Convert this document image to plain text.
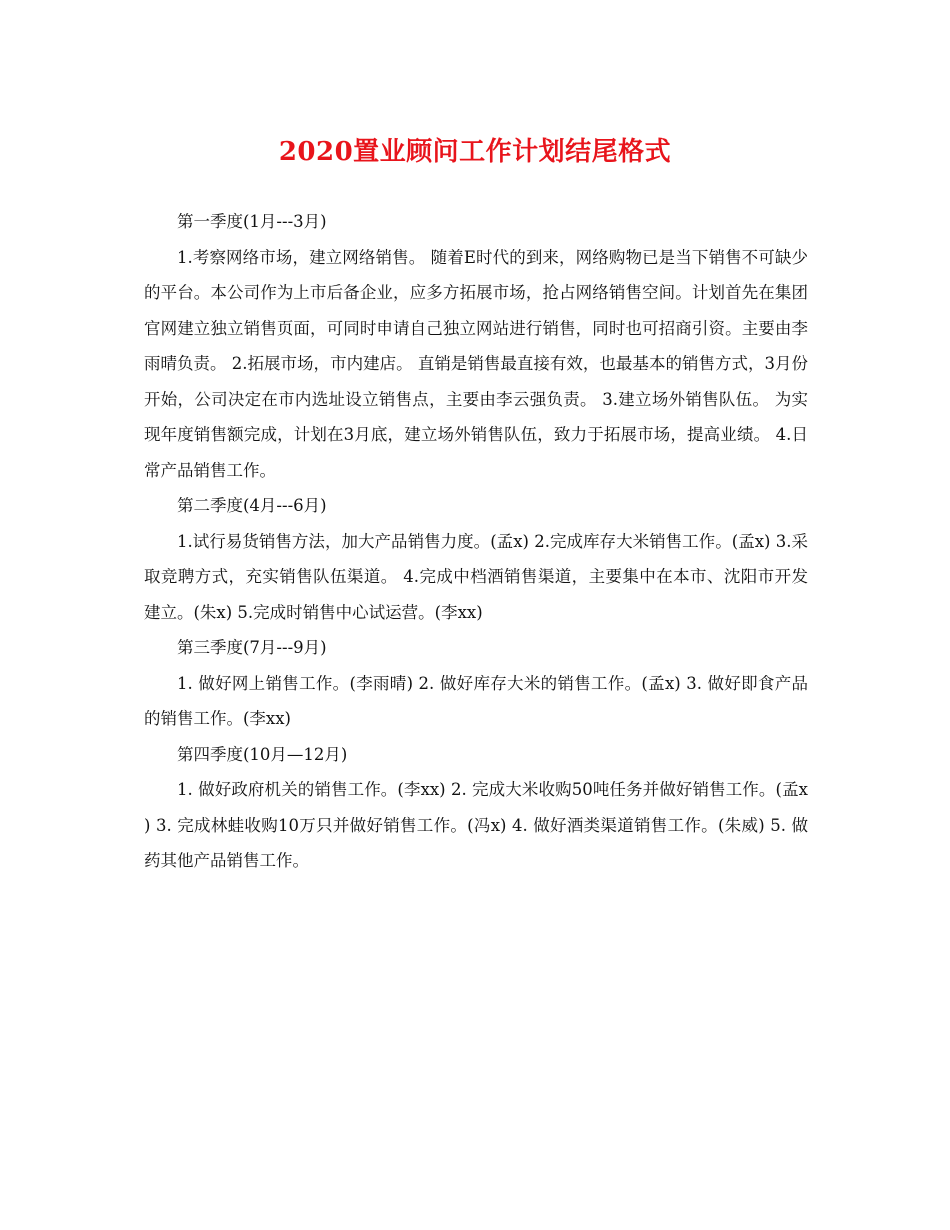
2020置业顾问工作计划结尾格式

第一季度(1月---3月)

1.考察网络市场，建立网络销售。 随着E时代的到来，网络购物已是当下销售不可缺少的平台。本公司作为上市后备企业，应多方拓展市场，抢占网络销售空间。计划首先在集团官网建立独立销售页面，可同时申请自己独立网站进行销售，同时也可招商引资。主要由李雨晴负责。 2.拓展市场，市内建店。 直销是销售最直接有效，也最基本的销售方式，3月份开始，公司决定在市内选址设立销售点，主要由李云强负责。 3.建立场外销售队伍。 为实现年度销售额完成，计划在3月底，建立场外销售队伍，致力于拓展市场，提高业绩。 4.日常产品销售工作。

第二季度(4月---6月)

1.试行易货销售方法，加大产品销售力度。(孟x) 2.完成库存大米销售工作。(孟x) 3.采取竞聘方式，充实销售队伍渠道。 4.完成中档酒销售渠道，主要集中在本市、沈阳市开发建立。(朱x) 5.完成时销售中心试运营。(李xx)

第三季度(7月---9月)

1. 做好网上销售工作。(李雨晴) 2. 做好库存大米的销售工作。(孟x) 3. 做好即食产品的销售工作。(李xx)

第四季度(10月—12月)

1. 做好政府机关的销售工作。(李xx) 2. 完成大米收购50吨任务并做好销售工作。(孟x) 3. 完成林蛙收购10万只并做好销售工作。(冯x) 4. 做好酒类渠道销售工作。(朱威) 5. 做药其他产品销售工作。
